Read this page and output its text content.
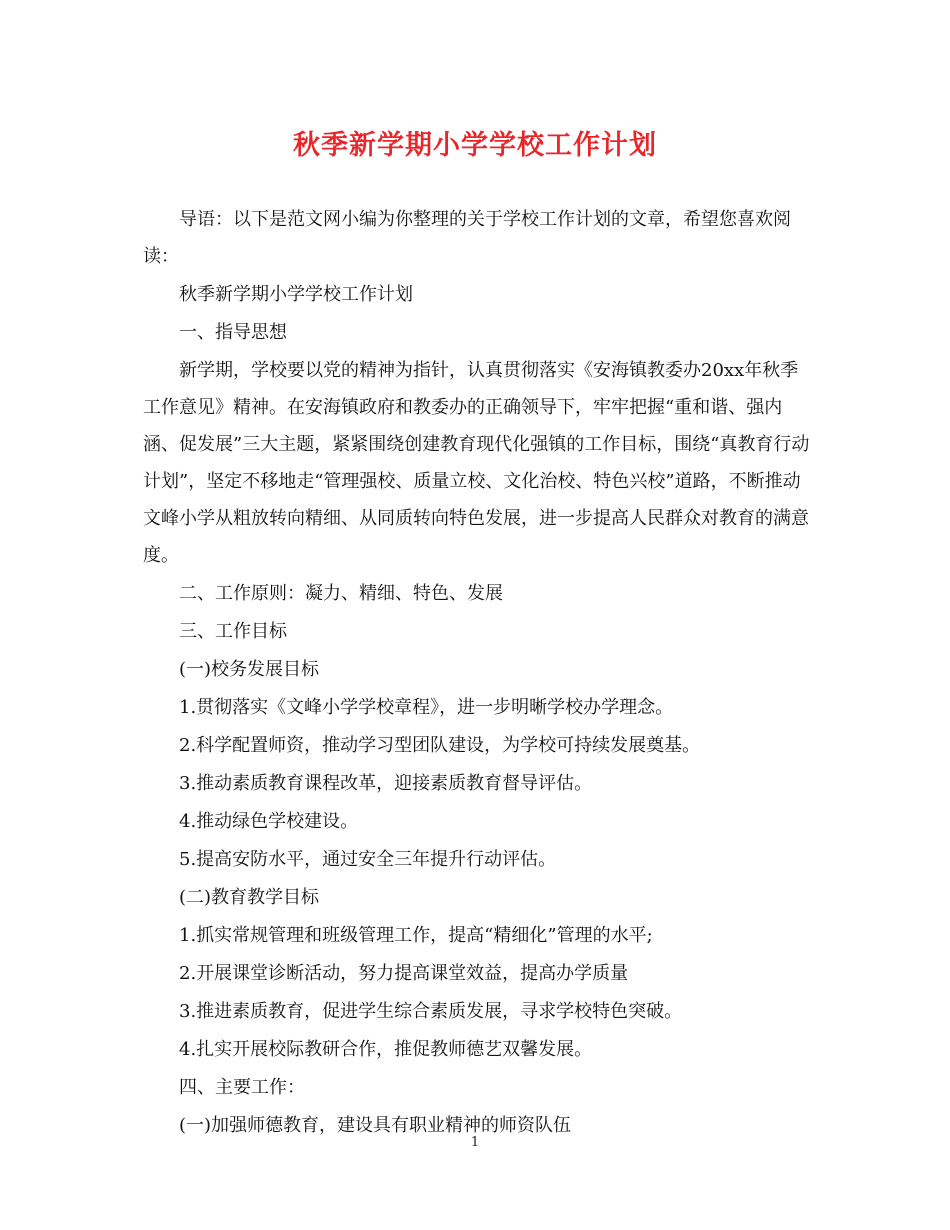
秋季新学期小学学校工作计划

导语：以下是范文网小编为你整理的关于学校工作计划的文章，希望您喜欢阅读：

秋季新学期小学学校工作计划

一、指导思想

新学期，学校要以党的精神为指针，认真贯彻落实《安海镇教委办20xx年秋季工作意见》精神。在安海镇政府和教委办的正确领导下，牢牢把握“重和谐、强内涵、促发展”三大主题，紧紧围绕创建教育现代化强镇的工作目标，围绕“真教育行动计划”，坚定不移地走“管理强校、质量立校、文化治校、特色兴校”道路，不断推动文峰小学从粗放转向精细、从同质转向特色发展，进一步提高人民群众对教育的满意度。

二、工作原则：凝力、精细、特色、发展

三、工作目标

(一)校务发展目标

1.贯彻落实《文峰小学学校章程》，进一步明晰学校办学理念。

2.科学配置师资，推动学习型团队建设，为学校可持续发展奠基。

3.推动素质教育课程改革，迎接素质教育督导评估。

4.推动绿色学校建设。

5.提高安防水平，通过安全三年提升行动评估。

(二)教育教学目标

1.抓实常规管理和班级管理工作，提高“精细化”管理的水平;

2.开展课堂诊断活动，努力提高课堂效益，提高办学质量

3.推进素质教育，促进学生综合素质发展，寻求学校特色突破。

4.扎实开展校际教研合作，推促教师德艺双馨发展。

四、主要工作：

(一)加强师德教育，建设具有职业精神的师资队伍

1
